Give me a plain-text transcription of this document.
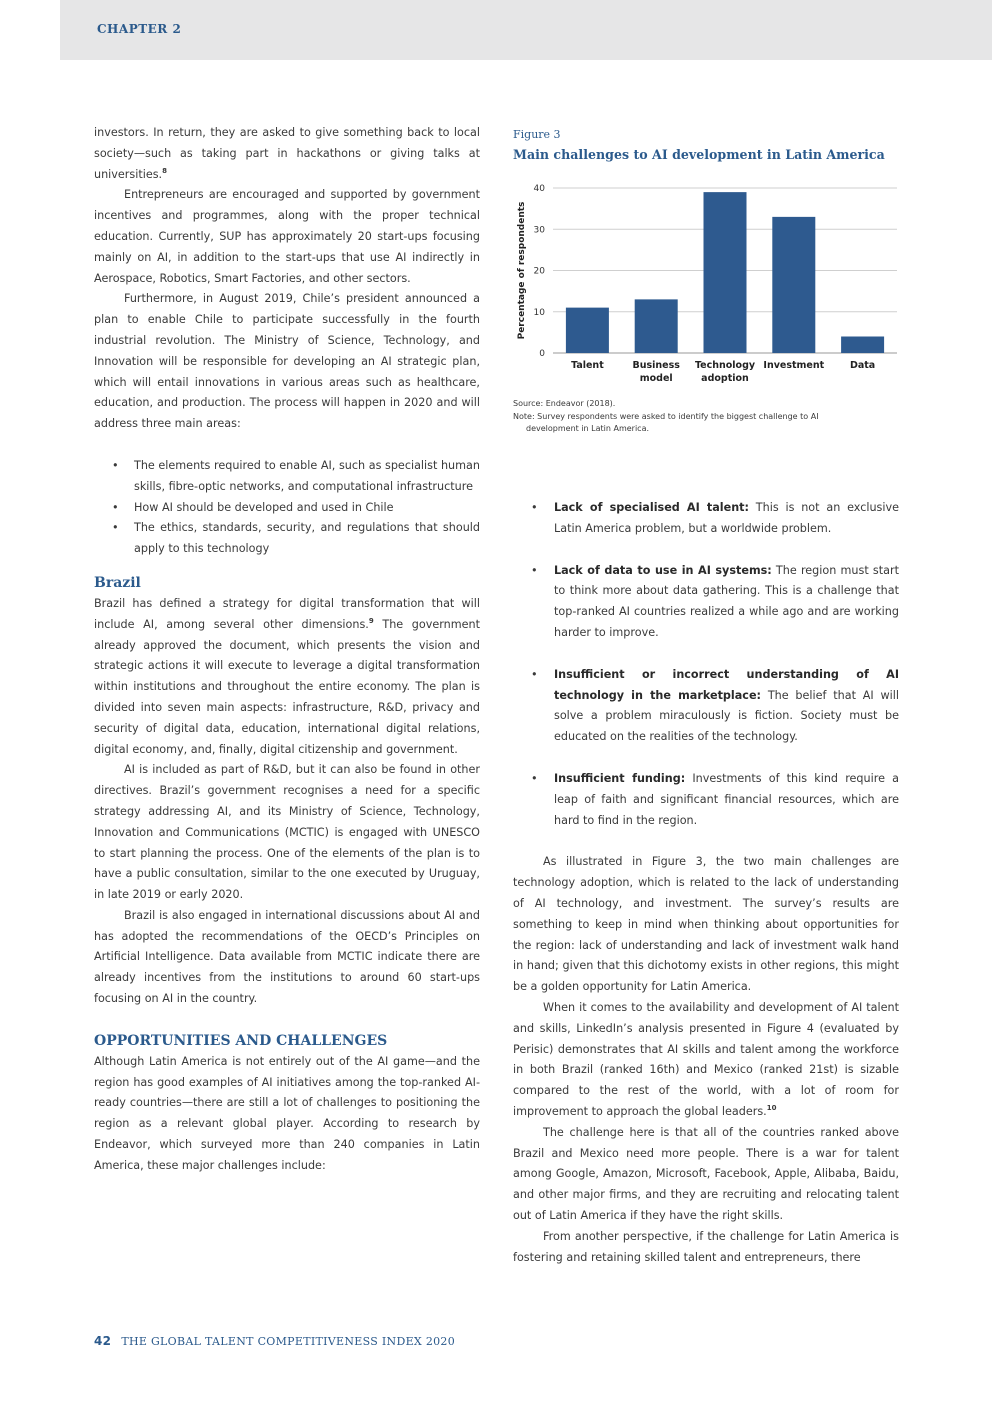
CHAPTER 2

investors. In return, they are asked to give something back to local society—such as taking part in hackathons or giving talks at universities.$^8$

Entrepreneurs are encouraged and supported by government incentives and programmes, along with the proper technical education. Currently, SUP has approximately 20 start-ups focusing mainly on AI, in addition to the start-ups that use AI indirectly in Aerospace, Robotics, Smart Factories, and other sectors.

Furthermore, in August 2019, Chile’s president announced a plan to enable Chile to participate successfully in the fourth industrial revolution. The Ministry of Science, Technology, and Innovation will be responsible for developing an AI strategic plan, which will entail innovations in various areas such as healthcare, education, and production. The process will happen in 2020 and will address three main areas:

• The elements required to enable AI, such as specialist human skills, fibre-optic networks, and computational infrastructure
• How AI should be developed and used in Chile
• The ethics, standards, security, and regulations that should apply to this technology
Brazil

Brazil has defined a strategy for digital transformation that will include AI, among several other dimensions.$^9$ The government already approved the document, which presents the vision and strategic actions it will execute to leverage a digital transformation within institutions and throughout the entire economy. The plan is divided into seven main aspects: infrastructure, R&D, privacy and security of digital data, education, international digital relations, digital economy, and, finally, digital citizenship and government.

AI is included as part of R&D, but it can also be found in other directives. Brazil’s government recognises a need for a specific strategy addressing AI, and its Ministry of Science, Technology, Innovation and Communications (MCTIC) is engaged with UNESCO to start planning the process. One of the elements of the plan is to have a public consultation, similar to the one executed by Uruguay, in late 2019 or early 2020.

Brazil is also engaged in international discussions about AI and has adopted the recommendations of the OECD’s Principles on Artificial Intelligence. Data available from MCTIC indicate there are already incentives from the institutions to around 60 start-ups focusing on AI in the country.

OPPORTUNITIES AND CHALLENGES

Although Latin America is not entirely out of the AI game—and the region has good examples of AI initiatives among the top-ranked AI-ready countries—there are still a lot of challenges to positioning the region as a relevant global player. According to research by Endeavor, which surveyed more than 240 companies in Latin America, these major challenges include:

Figure 3
Main challenges to AI development in Latin America
0
10
20
30
40
Percentage of respondents
Talent	Business
model
Technology
adoption
Investment	Data
Source: Endeavor (2018).
Note: Survey respondents were asked to identify the biggest challenge to AI development in Latin America.
• Lack of specialised AI talent: This is not an exclusive Latin America problem, but a worldwide problem.
• Lack of data to use in AI systems: The region must start to think more about data gathering. This is a challenge that top-ranked AI countries realized a while ago and are working harder to improve.
• Insufficient or incorrect understanding of AI technology in the marketplace: The belief that AI will solve a problem miraculously is fiction. Society must be educated on the realities of the technology.
• Insufficient funding: Investments of this kind require a leap of faith and significant financial resources, which are hard to find in the region.

As illustrated in Figure 3, the two main challenges are technology adoption, which is related to the lack of understanding of AI technology, and investment. The survey’s results are something to keep in mind when thinking about opportunities for the region: lack of understanding and lack of investment walk hand in hand; given that this dichotomy exists in other regions, this might be a golden opportunity for Latin America.

When it comes to the availability and development of AI talent and skills, LinkedIn’s analysis presented in Figure 4 (evaluated by Perisic) demonstrates that AI skills and talent among the workforce in both Brazil (ranked 16th) and Mexico (ranked 21st) is sizable compared to the rest of the world, with a lot of room for improvement to approach the global leaders.$^{10}$

The challenge here is that all of the countries ranked above Brazil and Mexico need more people. There is a war for talent among Google, Amazon, Microsoft, Facebook, Apple, Alibaba, Baidu, and other major firms, and they are recruiting and relocating talent out of Latin America if they have the right skills.

From another perspective, if the challenge for Latin America is fostering and retaining skilled talent and entrepreneurs, there

42 THE GLOBAL TALENT COMPETITIVENESS INDEX 2020
